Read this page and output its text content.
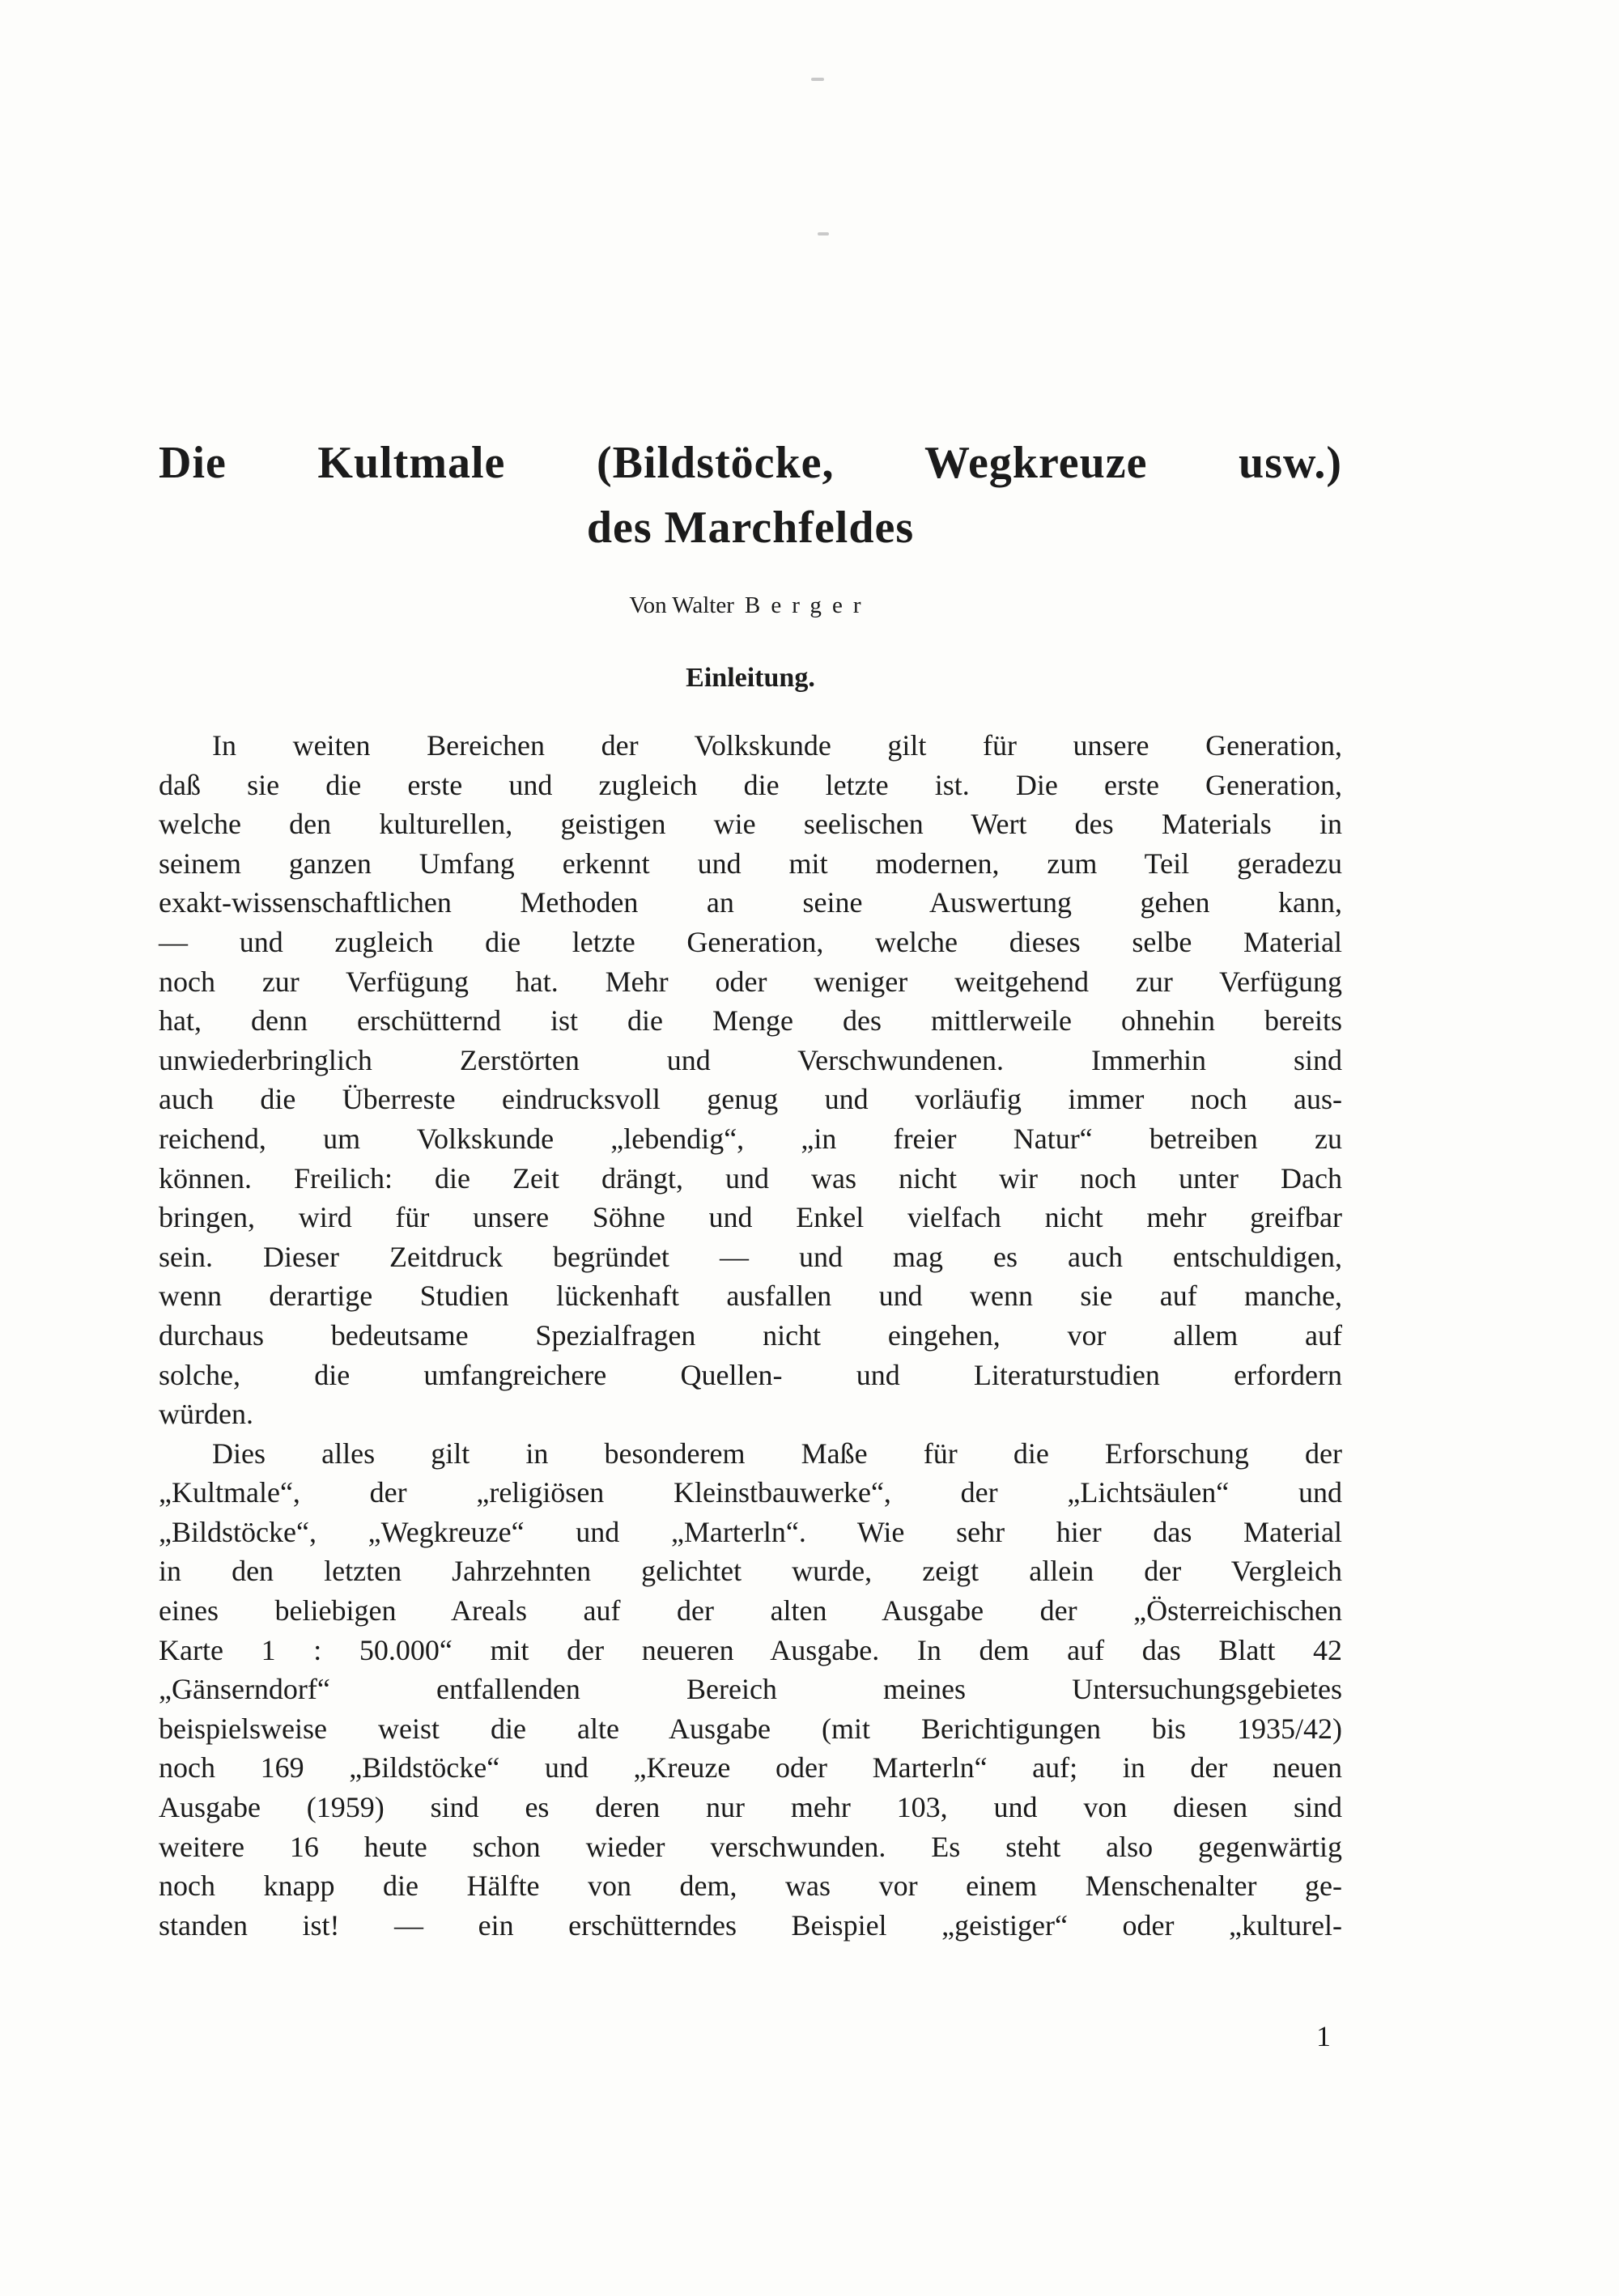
Die Kultmale (Bildstöcke, Wegkreuze usw.)
des Marchfeldes
Von Walter Berger
Einleitung.
In weiten Bereichen der Volkskunde gilt für unsere Generation,
daß sie die erste und zugleich die letzte ist. Die erste Generation,
welche den kulturellen, geistigen wie seelischen Wert des Materials in
seinem ganzen Umfang erkennt und mit modernen, zum Teil geradezu
exakt-wissenschaftlichen Methoden an seine Auswertung gehen kann,
— und zugleich die letzte Generation, welche dieses selbe Material
noch zur Verfügung hat. Mehr oder weniger weitgehend zur Verfügung
hat, denn erschütternd ist die Menge des mittlerweile ohnehin bereits
unwiederbringlich Zerstörten und Verschwundenen. Immerhin sind
auch die Überreste eindrucksvoll genug und vorläufig immer noch aus-
reichend, um Volkskunde „lebendig“, „in freier Natur“ betreiben zu
können. Freilich: die Zeit drängt, und was nicht wir noch unter Dach
bringen, wird für unsere Söhne und Enkel vielfach nicht mehr greifbar
sein. Dieser Zeitdruck begründet — und mag es auch entschuldigen,
wenn derartige Studien lückenhaft ausfallen und wenn sie auf manche,
durchaus bedeutsame Spezialfragen nicht eingehen, vor allem auf
solche, die umfangreichere Quellen- und Literaturstudien erfordern
würden.
Dies alles gilt in besonderem Maße für die Erforschung der
„Kultmale“, der „religiösen Kleinstbauwerke“, der „Lichtsäulen“ und
„Bildstöcke“, „Wegkreuze“ und „Marterln“. Wie sehr hier das Material
in den letzten Jahrzehnten gelichtet wurde, zeigt allein der Vergleich
eines beliebigen Areals auf der alten Ausgabe der „Österreichischen
Karte 1 : 50.000“ mit der neueren Ausgabe. In dem auf das Blatt 42
„Gänserndorf“ entfallenden Bereich meines Untersuchungsgebietes
beispielsweise weist die alte Ausgabe (mit Berichtigungen bis 1935/42)
noch 169 „Bildstöcke“ und „Kreuze oder Marterln“ auf; in der neuen
Ausgabe (1959) sind es deren nur mehr 103, und von diesen sind
weitere 16 heute schon wieder verschwunden. Es steht also gegenwärtig
noch knapp die Hälfte von dem, was vor einem Menschenalter ge-
standen ist! — ein erschütterndes Beispiel „geistiger“ oder „kulturel-
1
